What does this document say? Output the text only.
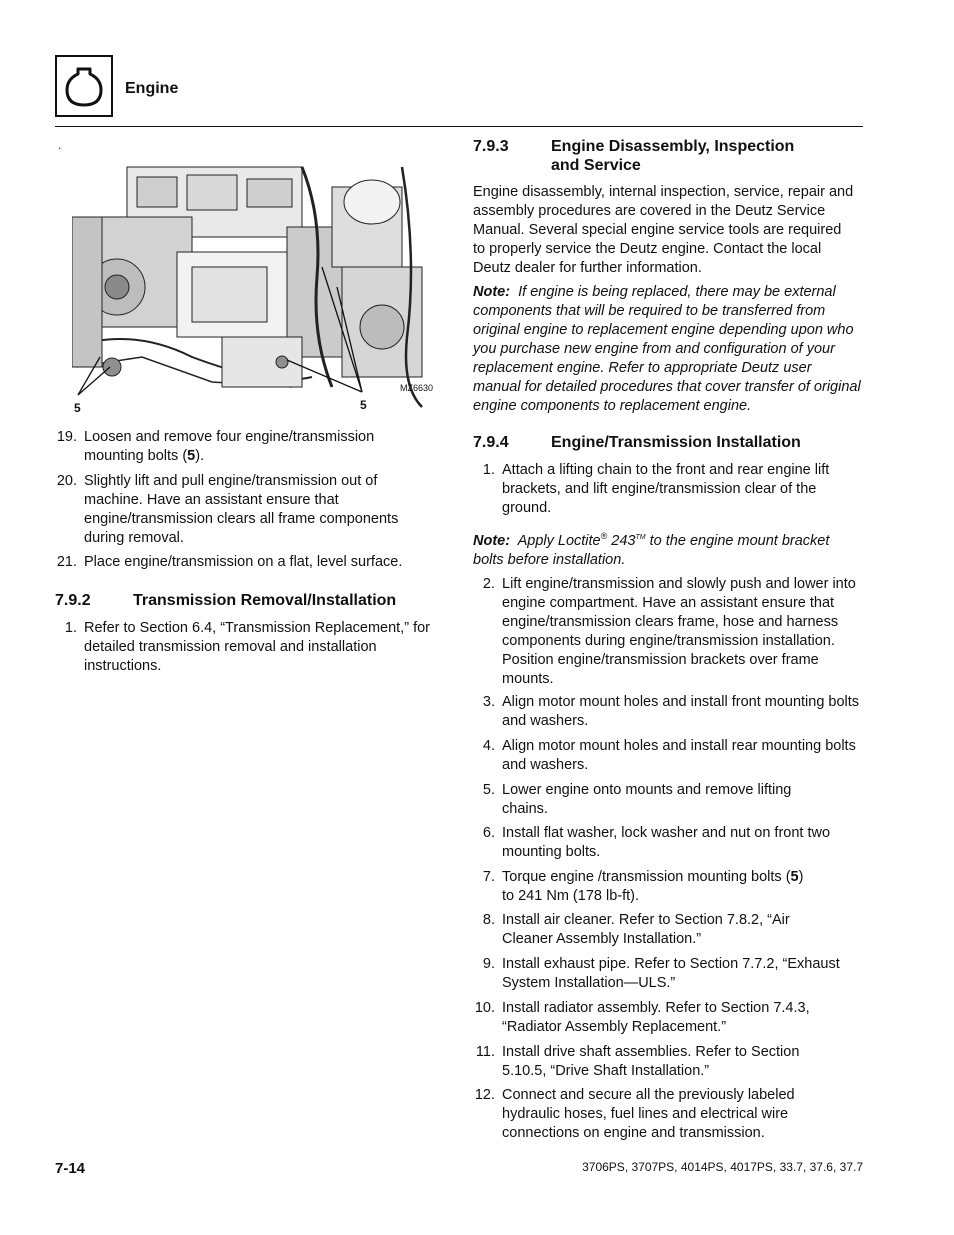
Engine
.
5	5
MZ6630
19. Loosen and remove four engine/transmission mounting bolts (5).
20. Slightly lift and pull engine/transmission out of machine. Have an assistant ensure that engine/transmission clears all frame components during removal.
21. Place engine/transmission on a flat, level surface.
7.9.2	Transmission Removal/Installation
1. Refer to Section 6.4, “Transmission Replacement,” for detailed transmission removal and installation instructions.
7.9.3	Engine Disassembly, Inspection
and Service
Engine disassembly, internal inspection, service, repair and assembly procedures are covered in the Deutz Service Manual. Several special engine service tools are required to properly service the Deutz engine. Contact the local Deutz dealer for further information.
Note: If engine is being replaced, there may be external components that will be required to be transferred from original engine to replacement engine depending upon who you purchase new engine from and configuration of your replacement engine. Refer to appropriate Deutz user manual for detailed procedures that cover transfer of original engine components to replacement engine.
7.9.4	Engine/Transmission Installation
1. Attach a lifting chain to the front and rear engine lift brackets, and lift engine/transmission clear of the ground.
Note: Apply Loctite® 243™ to the engine mount bracket bolts before installation.
2. Lift engine/transmission and slowly push and lower into engine compartment. Have an assistant ensure that engine/transmission clears frame, hose and harness components during engine/transmission installation. Position engine/transmission brackets over frame mounts.
3. Align motor mount holes and install front mounting bolts and washers.
4. Align motor mount holes and install rear mounting bolts and washers.
5. Lower engine onto mounts and remove lifting chains.
6. Install flat washer, lock washer and nut on front two mounting bolts.
7. Torque engine /transmission mounting bolts (5)
to 241 Nm (178 lb-ft).
8. Install air cleaner. Refer to Section 7.8.2, “Air Cleaner Assembly Installation.”
9. Install exhaust pipe. Refer to Section 7.7.2, “Exhaust System Installation—ULS.”
10. Install radiator assembly. Refer to Section 7.4.3, “Radiator Assembly Replacement.”
11. Install drive shaft assemblies. Refer to Section 5.10.5, “Drive Shaft Installation.”
12. Connect and secure all the previously labeled hydraulic hoses, fuel lines and electrical wire connections on engine and transmission.
7-14	3706PS, 3707PS, 4014PS, 4017PS, 33.7, 37.6, 37.7
